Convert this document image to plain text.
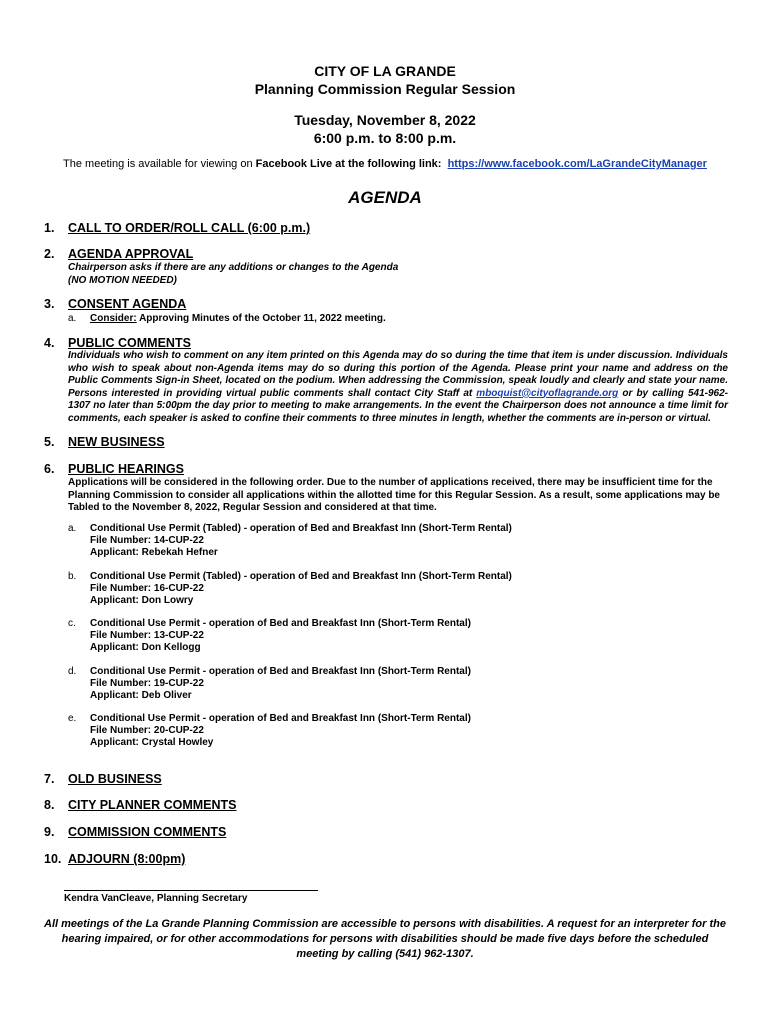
CITY OF LA GRANDE
Planning Commission Regular Session
Tuesday, November 8, 2022
6:00 p.m. to 8:00 p.m.
The meeting is available for viewing on Facebook Live at the following link: https://www.facebook.com/LaGrandeCityManager
AGENDA
1. CALL TO ORDER/ROLL CALL (6:00 p.m.)
2. AGENDA APPROVAL
Chairperson asks if there are any additions or changes to the Agenda
(NO MOTION NEEDED)
3. CONSENT AGENDA
a. Consider: Approving Minutes of the October 11, 2022 meeting.
4. PUBLIC COMMENTS
Individuals who wish to comment on any item printed on this Agenda may do so during the time that item is under discussion. Individuals who wish to speak about non-Agenda items may do so during this portion of the Agenda. Please print your name and address on the Public Comments Sign-in Sheet, located on the podium. When addressing the Commission, speak loudly and clearly and state your name. Persons interested in providing virtual public comments shall contact City Staff at mboquist@cityoflagrande.org or by calling 541-962-1307 no later than 5:00pm the day prior to meeting to make arrangements. In the event the Chairperson does not announce a time limit for comments, each speaker is asked to confine their comments to three minutes in length, whether the comments are in-person or virtual.
5. NEW BUSINESS
6. PUBLIC HEARINGS
Applications will be considered in the following order. Due to the number of applications received, there may be insufficient time for the Planning Commission to consider all applications within the allotted time for this Regular Session. As a result, some applications may be Tabled to the November 8, 2022, Regular Session and considered at that time.
a. Conditional Use Permit (Tabled) - operation of Bed and Breakfast Inn (Short-Term Rental)
File Number: 14-CUP-22
Applicant: Rebekah Hefner
b. Conditional Use Permit (Tabled) - operation of Bed and Breakfast Inn (Short-Term Rental)
File Number: 16-CUP-22
Applicant: Don Lowry
c. Conditional Use Permit - operation of Bed and Breakfast Inn (Short-Term Rental)
File Number: 13-CUP-22
Applicant: Don Kellogg
d. Conditional Use Permit - operation of Bed and Breakfast Inn (Short-Term Rental)
File Number: 19-CUP-22
Applicant: Deb Oliver
e. Conditional Use Permit - operation of Bed and Breakfast Inn (Short-Term Rental)
File Number: 20-CUP-22
Applicant: Crystal Howley
7. OLD BUSINESS
8. CITY PLANNER COMMENTS
9. COMMISSION COMMENTS
10. ADJOURN (8:00pm)
Kendra VanCleave, Planning Secretary
All meetings of the La Grande Planning Commission are accessible to persons with disabilities. A request for an interpreter for the hearing impaired, or for other accommodations for persons with disabilities should be made five days before the scheduled meeting by calling (541) 962-1307.
